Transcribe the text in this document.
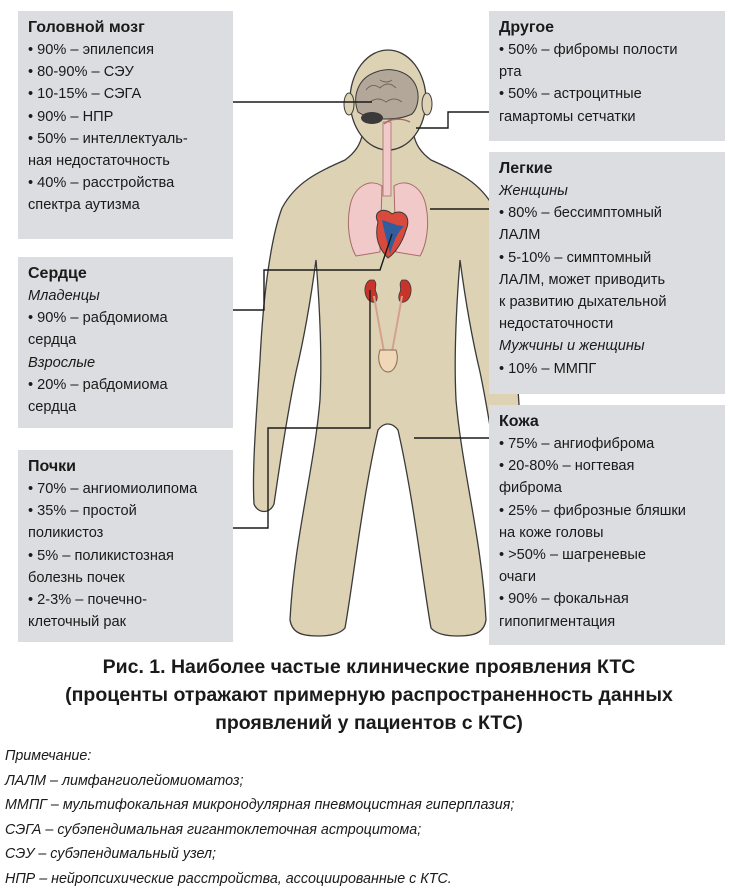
Головной мозг
• 90% – эпилепсия
• 80-90% – СЭУ
• 10-15% – СЭГА
• 90% – НПР
• 50% – интеллектуаль-
ная недостаточность
• 40% – расстройства
спектра аутизма
Другое
• 50% – фибромы полости
рта
• 50% – астроцитные
гамартомы сетчатки
Легкие
Женщины
• 80% – бессимптомный
ЛАЛМ
• 5-10% – симптомный
ЛАЛМ, может приводить
к развитию дыхательной
недостаточности
Мужчины и женщины
• 10% – ММПГ
Сердце
Младенцы
• 90% – рабдомиома
сердца
Взрослые
• 20% – рабдомиома
сердца
Почки
• 70% – ангиомиолипома
• 35% – простой
поликистоз
• 5% – поликистозная
болезнь почек
• 2-3% – почечно-
клеточный рак
Кожа
• 75% – ангиофиброма
• 20-80% – ногтевая
фиброма
• 25% – фиброзные бляшки
на коже головы
• >50% – шагреневые
очаги
• 90% – фокальная
гипопигментация
Рис. 1. Наиболее частые клинические проявления КТС
(проценты отражают примерную распространенность данных
проявлений у пациентов с КТС)
Примечание:
ЛАЛМ – лимфангиолейомиоматоз;
ММПГ – мультифокальная микронодулярная пневмоцистная гиперплазия;
СЭГА – субэпендимальная гигантоклеточная астроцитома;
СЭУ – субэпендимальный узел;
НПР – нейропсихические расстройства, ассоциированные с КТС.
